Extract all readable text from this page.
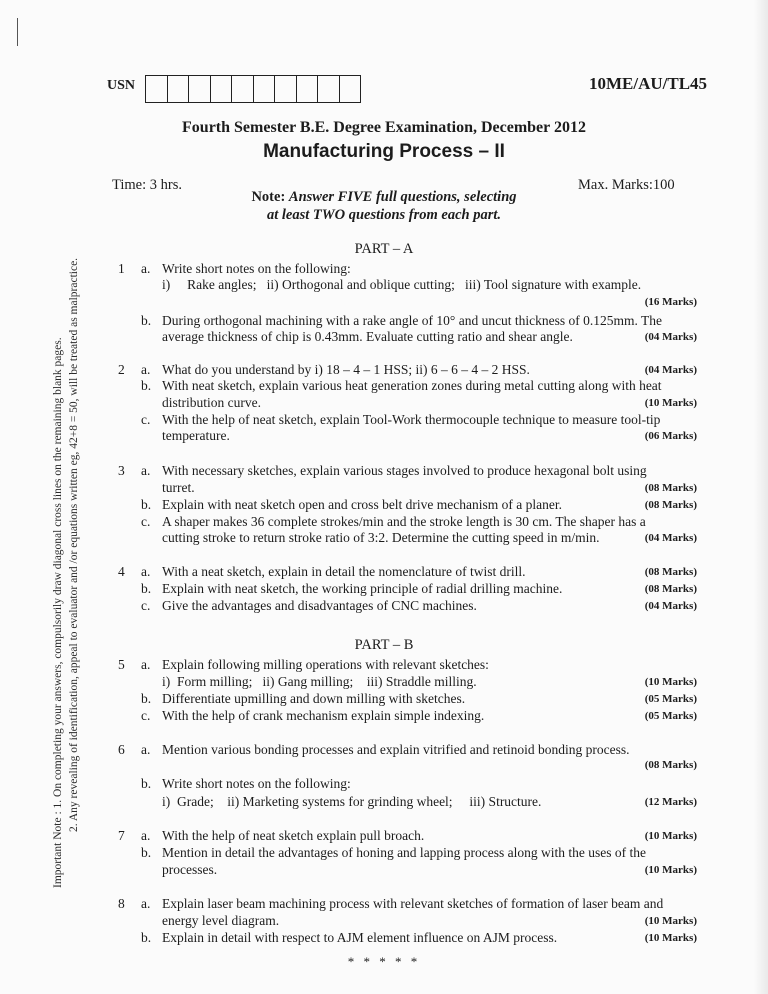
USN	10ME/AU/TL45
Fourth Semester B.E. Degree Examination, December 2012
Manufacturing Process – II
Time: 3 hrs.	Max. Marks:100
Note: Answer FIVE full questions, selecting
at least TWO questions from each part.
Important Note : 1. On completing your answers, compulsorily draw diagonal cross lines on the remaining blank pages. 2. Any revealing of identification, appeal to evaluator and /or equations written eg, 42+8 = 50, will be treated as malpractice.
PART – A
1 a. Write short notes on the following:
i)     Rake angles;   ii) Orthogonal and oblique cutting;   iii) Tool signature with example.
(16 Marks)
b. During orthogonal machining with a rake angle of 10° and uncut thickness of 0.125mm. The
average thickness of chip is 0.43mm. Evaluate cutting ratio and shear angle.	(04 Marks)
2 a. What do you understand by i) 18 – 4 – 1 HSS; ii) 6 – 6 – 4 – 2 HSS.	(04 Marks)
b. With neat sketch, explain various heat generation zones during metal cutting along with heat
distribution curve.	(10 Marks)
c. With the help of neat sketch, explain Tool-Work thermocouple technique to measure tool-tip
temperature.	(06 Marks)
3 a. With necessary sketches, explain various stages involved to produce hexagonal bolt using
turret.	(08 Marks)
b. Explain with neat sketch open and cross belt drive mechanism of a planer.	(08 Marks)
c. A shaper makes 36 complete strokes/min and the stroke length is 30 cm. The shaper has a
cutting stroke to return stroke ratio of 3:2. Determine the cutting speed in m/min.	(04 Marks)
4 a. With a neat sketch, explain in detail the nomenclature of twist drill.	(08 Marks)
b. Explain with neat sketch, the working principle of radial drilling machine.	(08 Marks)
c. Give the advantages and disadvantages of CNC machines.	(04 Marks)
PART – B
5 a. Explain following milling operations with relevant sketches:
i)  Form milling;   ii) Gang milling;    iii) Straddle milling.	(10 Marks)
b. Differentiate upmilling and down milling with sketches.	(05 Marks)
c. With the help of crank mechanism explain simple indexing.	(05 Marks)
6 a. Mention various bonding processes and explain vitrified and retinoid bonding process.
(08 Marks)
b. Write short notes on the following:
i)  Grade;    ii) Marketing systems for grinding wheel;     iii) Structure.	(12 Marks)
7 a. With the help of neat sketch explain pull broach.	(10 Marks)
b. Mention in detail the advantages of honing and lapping process along with the uses of the
processes.	(10 Marks)
8 a. Explain laser beam machining process with relevant sketches of formation of laser beam and
energy level diagram.	(10 Marks)
b. Explain in detail with respect to AJM element influence on AJM process.	(10 Marks)
* * * * *
